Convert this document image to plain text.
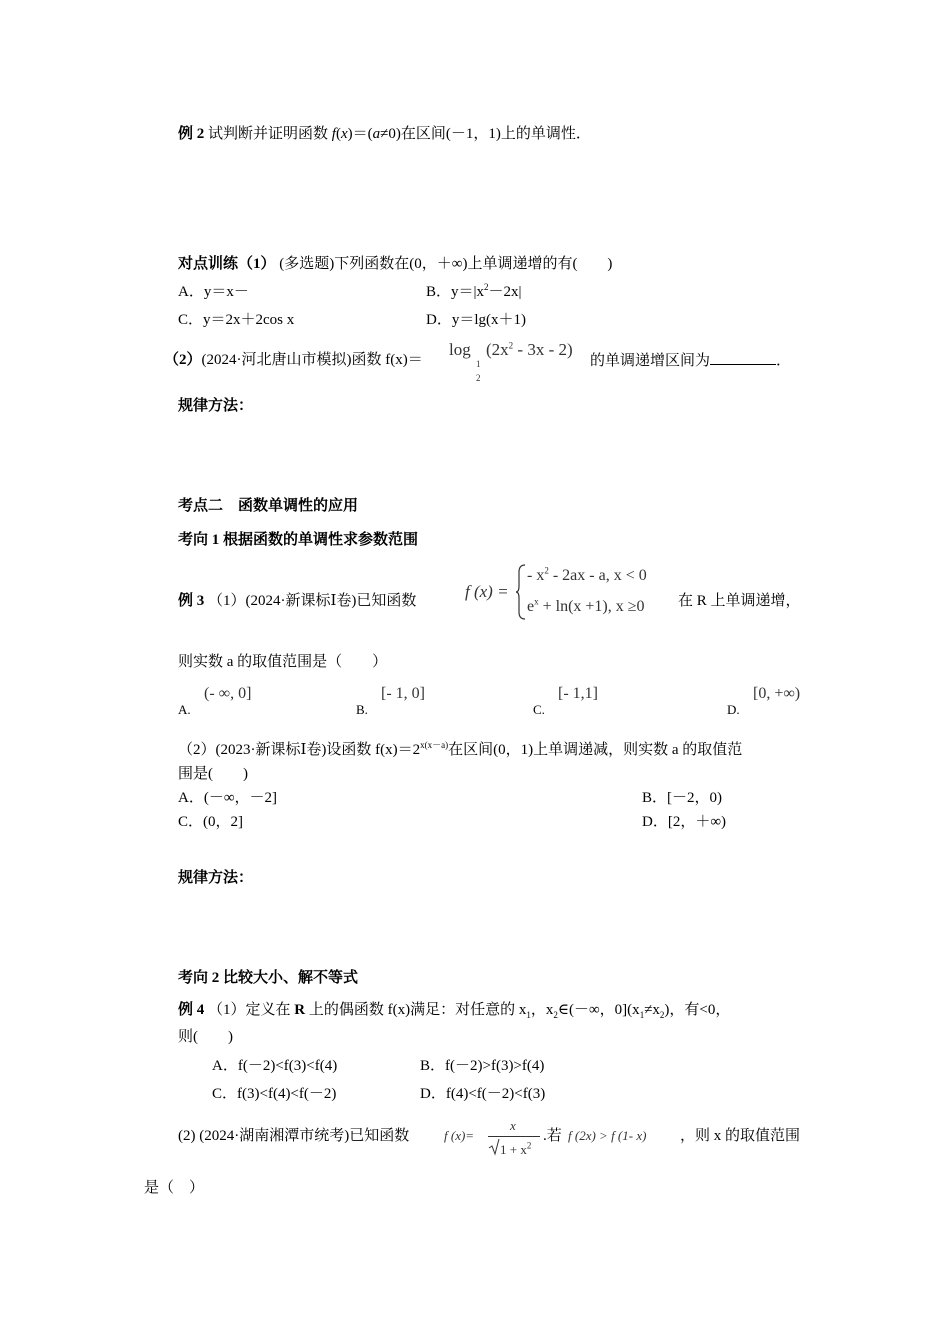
例 2 试判断并证明函数 f(x)＝(a≠0)在区间(－1，1)上的单调性．
对点训练（1） (多选题)下列函数在(0，＋∞)上单调递增的有(　　)
A．y＝x－	B．$y=|x^2-2x|$
C．y＝2x＋2cos x	D．y＝lg(x＋1)
（2）(2024·河北唐山市模拟)函数 f(x)＝
log
1
2
$(2x^2 - 3x - 2)$
的单调递增区间为	．
规律方法：
考点二　函数单调性的应用
考向 1 根据函数的单调性求参数范围
例 3 （1）(2024·新课标Ⅰ卷)已知函数	f (x) =
- $x^2 - 2ax$ - a, x < 0
$e^x + \ln(x +1)$, x ≥0 在 R 上单调递增，
则实数 a 的取值范围是（　　）
A.
(- ∞, 0]
B.
[- 1, 0]
C.
[- 1,1]
D.
[0, +∞)
（2）(2023·新课标Ⅰ卷)设函数 $f(x)=2^{x(x-a)}$在区间(0，1)上单调递减，则实数 a 的取值范
围是(　　)
A．(－∞，－2]	B．[－2，0)
C．(0，2]	D．[2，＋∞)
规律方法：
考向 2 比较大小、解不等式
例 4 （1）定义在 R 上的偶函数 f(x)满足：对任意的 $x_1$，$x_2\in(-\infty$，$0](x_1\ne x_2)$，有<0，
则(　　)
A．f(－2)<f(3)<f(4)	B．f(－2)>f(3)>f(4)
C．f(3)<f(4)<f(－2)	D．f(4)<f(－2)<f(3)
(2) (2024·湖南湘潭市统考)已知函数	f (x)=
x
$1 + x^2$
.若 f (2x) > f (1- x) ，则 x 的取值范围
是（　）
